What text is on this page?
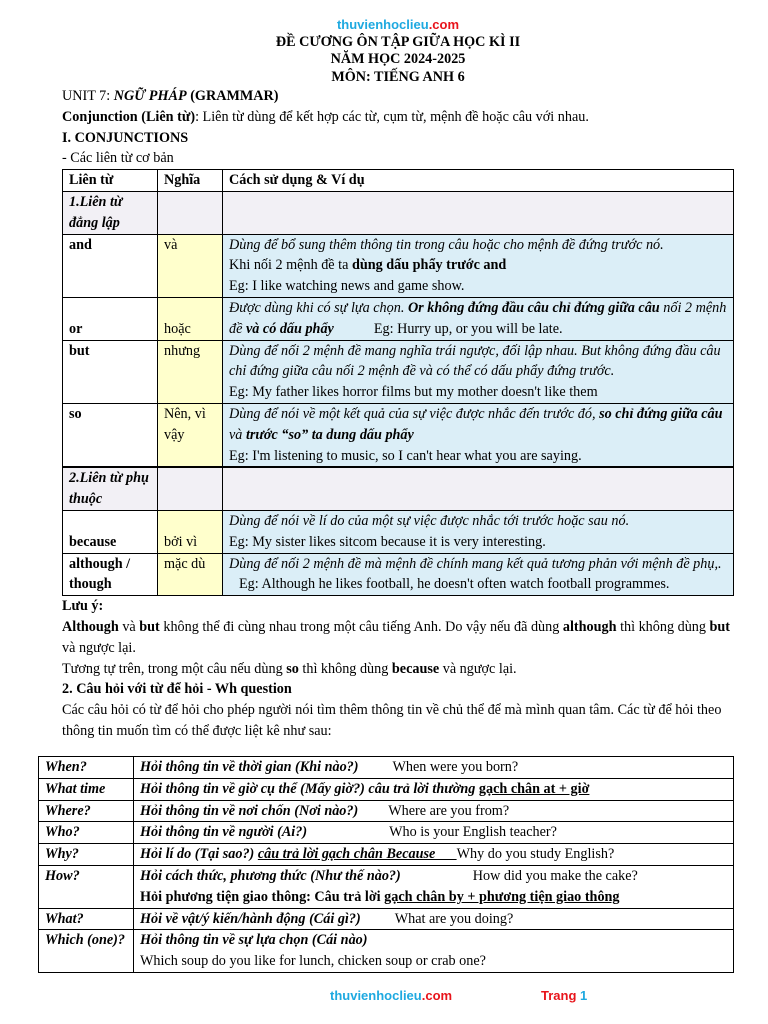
thuvienhoclieu.com
ĐỀ CƯƠNG ÔN TẬP GIỮA HỌC KÌ II
NĂM HỌC 2024-2025
MÔN: TIẾNG ANH 6

UNIT 7: NGỮ PHÁP (GRAMMAR)

Conjunction (Liên từ): Liên từ dùng để kết hợp các từ, cụm từ, mệnh đề hoặc câu với nhau.

I. CONJUNCTIONS

- Các liên từ cơ bản

Liên từ	Nghĩa	Cách sử dụng & Ví dụ
1.Liên từ đẳng lập		
and	và	Dùng để bổ sung thêm thông tin trong câu hoặc cho mệnh đề đứng trước nó.
Khi nối 2 mệnh đề ta dùng dấu phẩy trước and
Eg: I like watching news and game show.
or	hoặc	Được dùng khi có sự lựa chọn. Or không đứng đầu câu chỉ đứng giữa câu nối 2 mệnh đề và có dấu phẩy Eg: Hurry up, or you will be late.
but	nhưng	Dùng để nối 2 mệnh đề mang nghĩa trái ngược, đối lập nhau. But không đứng đầu câu chỉ đứng giữa câu nối 2 mệnh đề và có thể có dấu phẩy đứng trước.
Eg: My father likes horror films but my mother doesn't like them
so	Nên, vì vậy	Dùng để nói về một kết quả của sự việc được nhắc đến trước đó, so chỉ đứng giữa câu và trước “so” ta dung dấu phẩy
Eg: I'm listening to music, so I can't hear what you are saying.
2.Liên từ phụ thuộc		
because	bởi vì	Dùng để nói về lí do của một sự việc được nhắc tới trước hoặc sau nó.
Eg: My sister likes sitcom because it is very interesting.
although / though	mặc dù	Dùng để nối 2 mệnh đề mà mệnh đề chính mang kết quả tương phản với mệnh đề phụ,.Eg: Although he likes football, he doesn't often watch football programmes.

Lưu ý:

Although và but không thể đi cùng nhau trong một câu tiếng Anh. Do vậy nếu đã dùng although thì không dùng but và ngược lại.

Tương tự trên, trong một câu nếu dùng so thì không dùng because và ngược lại.

2. Câu hỏi với từ để hỏi - Wh question

Các câu hỏi có từ để hỏi cho phép người nói tìm thêm thông tin về chủ thể để mà mình quan tâm. Các từ để hỏi theo thông tin muốn tìm có thể được liệt kê như sau:

When?	Hỏi thông tin về thời gian (Khi nào?) When were you born?
What time	Hỏi thông tin về giờ cụ thể (Mấy giờ?) câu trả lời thường gạch chân at + giờ
Where?	Hỏi thông tin về nơi chốn (Nơi nào?) Where are you from?
Who?	Hỏi thông tin về người (Ai?) Who is your English teacher?
Why?	Hỏi lí do (Tại sao?) câu trả lời gạch chân Because      Why do you study English?
How?	Hỏi cách thức, phương thức (Như thế nào?) How did you make the cake?
Hỏi phương tiện giao thông: Câu trả lời gạch chân by + phương tiện giao thông
What?	Hỏi về vật/ý kiến/hành động (Cái gì?) What are you doing?
Which (one)?	Hỏi thông tin về sự lựa chọn (Cái nào)
Which soup do you like for lunch, chicken soup or crab one?
thuvienhoclieu.com	Trang 1
